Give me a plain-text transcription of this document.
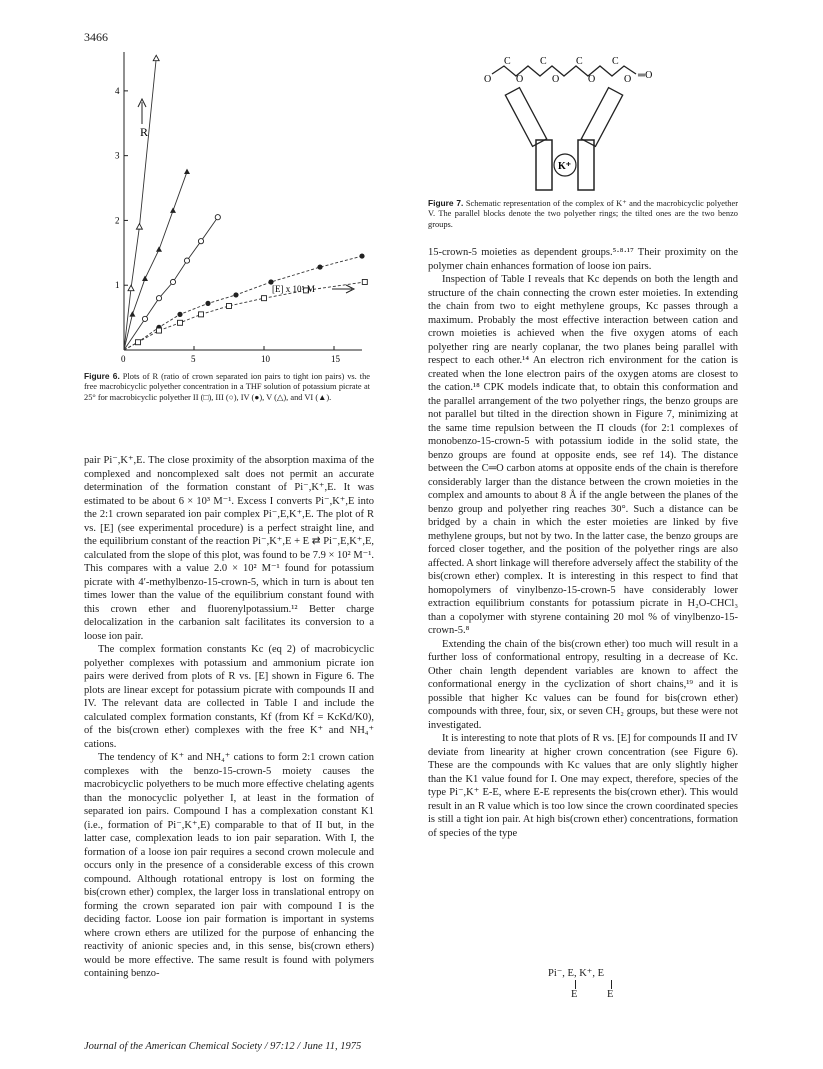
3466
0	5	10	15
1
2
3
4
R
[E] x 10⁵ M
Figure 6. Plots of R (ratio of crown separated ion pairs to tight ion pairs) vs. the free macrobicyclic polyether concentration in a THF solution of potassium picrate at 25° for macrobicyclic polyether II (□), III (○), IV (●), V (△), and VI (▲).
O
C
O
C
O
C
O
C
O ═O
K⁺
Figure 7. Schematic representation of the complex of K⁺ and the macrobicyclic polyether V. The parallel blocks denote the two polyether rings; the tilted ones are the two benzo groups.

pair Pi⁻,K⁺,E. The close proximity of the absorption maxima of the complexed and noncomplexed salt does not permit an accurate determination of the formation constant of Pi⁻,K⁺,E. It was estimated to be about 6 × 10³ M⁻¹. Excess I converts Pi⁻,K⁺,E into the 2:1 crown separated ion pair complex Pi⁻,E,K⁺,E. The plot of R vs. [E] (see experimental procedure) is a perfect straight line, and the equilibrium constant of the reaction Pi⁻,K⁺,E + E ⇄ Pi⁻,E,K⁺,E, calculated from the slope of this plot, was found to be 7.9 × 10² M⁻¹. This compares with a value 2.0 × 10² M⁻¹ found for potassium picrate with 4′-methylbenzo-15-crown-5, which in turn is about ten times lower than the value of the equilibrium constant found with this crown ether and fluorenylpotassium.¹² Better charge delocalization in the carbanion salt facilitates its conversion to a loose ion pair.

The complex formation constants Kc (eq 2) of macrobicyclic polyether complexes with potassium and ammonium picrate ion pairs were derived from plots of R vs. [E] shown in Figure 6. The plots are linear except for potassium picrate with compounds II and IV. The relevant data are collected in Table I and include the calculated complex formation constants, Kf (from Kf = KcKd/K0), of the bis(crown ether) complexes with the free K⁺ and NH₄⁺ cations.

The tendency of K⁺ and NH₄⁺ cations to form 2:1 crown cation complexes with the benzo-15-crown-5 moiety causes the macrobicyclic polyethers to be much more effective chelating agents than the monocyclic polyether I, at least in the formation of separated ion pairs. Compound I has a complexation constant K1 (i.e., formation of Pi⁻,K⁺,E) comparable to that of II but, in the latter case, complexation leads to ion pair separation. With I, the formation of a loose ion pair requires a second crown molecule and occurs only in the presence of a considerable excess of this crown compound. Although rotational entropy is lost on forming the bis(crown ether) complex, the larger loss in translational entropy on forming the crown separated ion pair with compound I is the deciding factor. Loose ion pair formation is important in systems where crown ethers are utilized for the purpose of enhancing the reactivity of anionic species and, in this sense, bis(crown ethers) would be more effective. The same result is found with polymers containing benzo-

15-crown-5 moieties as dependent groups.⁵·⁸·¹⁷ Their proximity on the polymer chain enhances formation of loose ion pairs.

Inspection of Table I reveals that Kc depends on both the length and structure of the chain connecting the crown ester moieties. In extending the chain from two to eight methylene groups, Kc passes through a maximum. Probably the most effective interaction between cation and crown moieties is achieved when the five oxygen atoms of each polyether ring are nearly coplanar, the two planes being parallel with respect to each other.¹⁴ An electron rich environment for the cation is created when the lone electron pairs of the oxygen atoms are closest to the cation.¹⁸ CPK models indicate that, to obtain this conformation and the parallel arrangement of the two polyether rings, the benzo groups are not parallel but tilted in the direction shown in Figure 7, minimizing at the same time repulsion between the Π clouds (for 2:1 complexes of monobenzo-15-crown-5 with potassium iodide in the solid state, the benzo groups are found at opposite ends, see ref 14). The distance between the C═O carbon atoms at opposite ends of the chain is therefore considerably larger than the distance between the crown moieties in the complex and amounts to about 8 Å if the angle between the planes of the benzo group and polyether ring reaches 30°. Such a distance can be bridged by a chain in which the ester moieties are linked by five methylene groups, but not by two. In the latter case, the benzo groups are forced closer together, and the position of the polyether rings are also affected. A short linkage will therefore adversely affect the stability of the bis(crown ether) complex. It is interesting in this respect to find that homopolymers of vinylbenzo-15-crown-5 have considerably lower extraction equilibrium constants for potassium picrate in H₂O-CHCl₃ than a copolymer with styrene containing 20 mol % of vinylbenzo-15-crown-5.⁸

Extending the chain of the bis(crown ether) too much will result in a further loss of conformational entropy, resulting in a decrease of Kc. Other chain length dependent variables are known to affect the conformational energy in the cyclization of short chains,¹⁹ and it is possible that higher Kc values can be found for bis(crown ether) compounds with three, four, six, or seven CH₂ groups, but these were not investigated.

It is interesting to note that plots of R vs. [E] for compounds II and IV deviate from linearity at higher crown concentration (see Figure 6). These are the compounds with Kc values that are only slightly higher than the K1 value found for I. One may expect, therefore, species of the type Pi⁻,K⁺ E-E, where E-E represents the bis(crown ether). This would result in an R value which is too low since the crown coordinated species is still a tight ion pair. At high bis(crown ether) concentrations, formation of species of the type

Pi⁻, E, K⁺, E
E	E
Journal of the American Chemical Society / 97:12 / June 11, 1975
